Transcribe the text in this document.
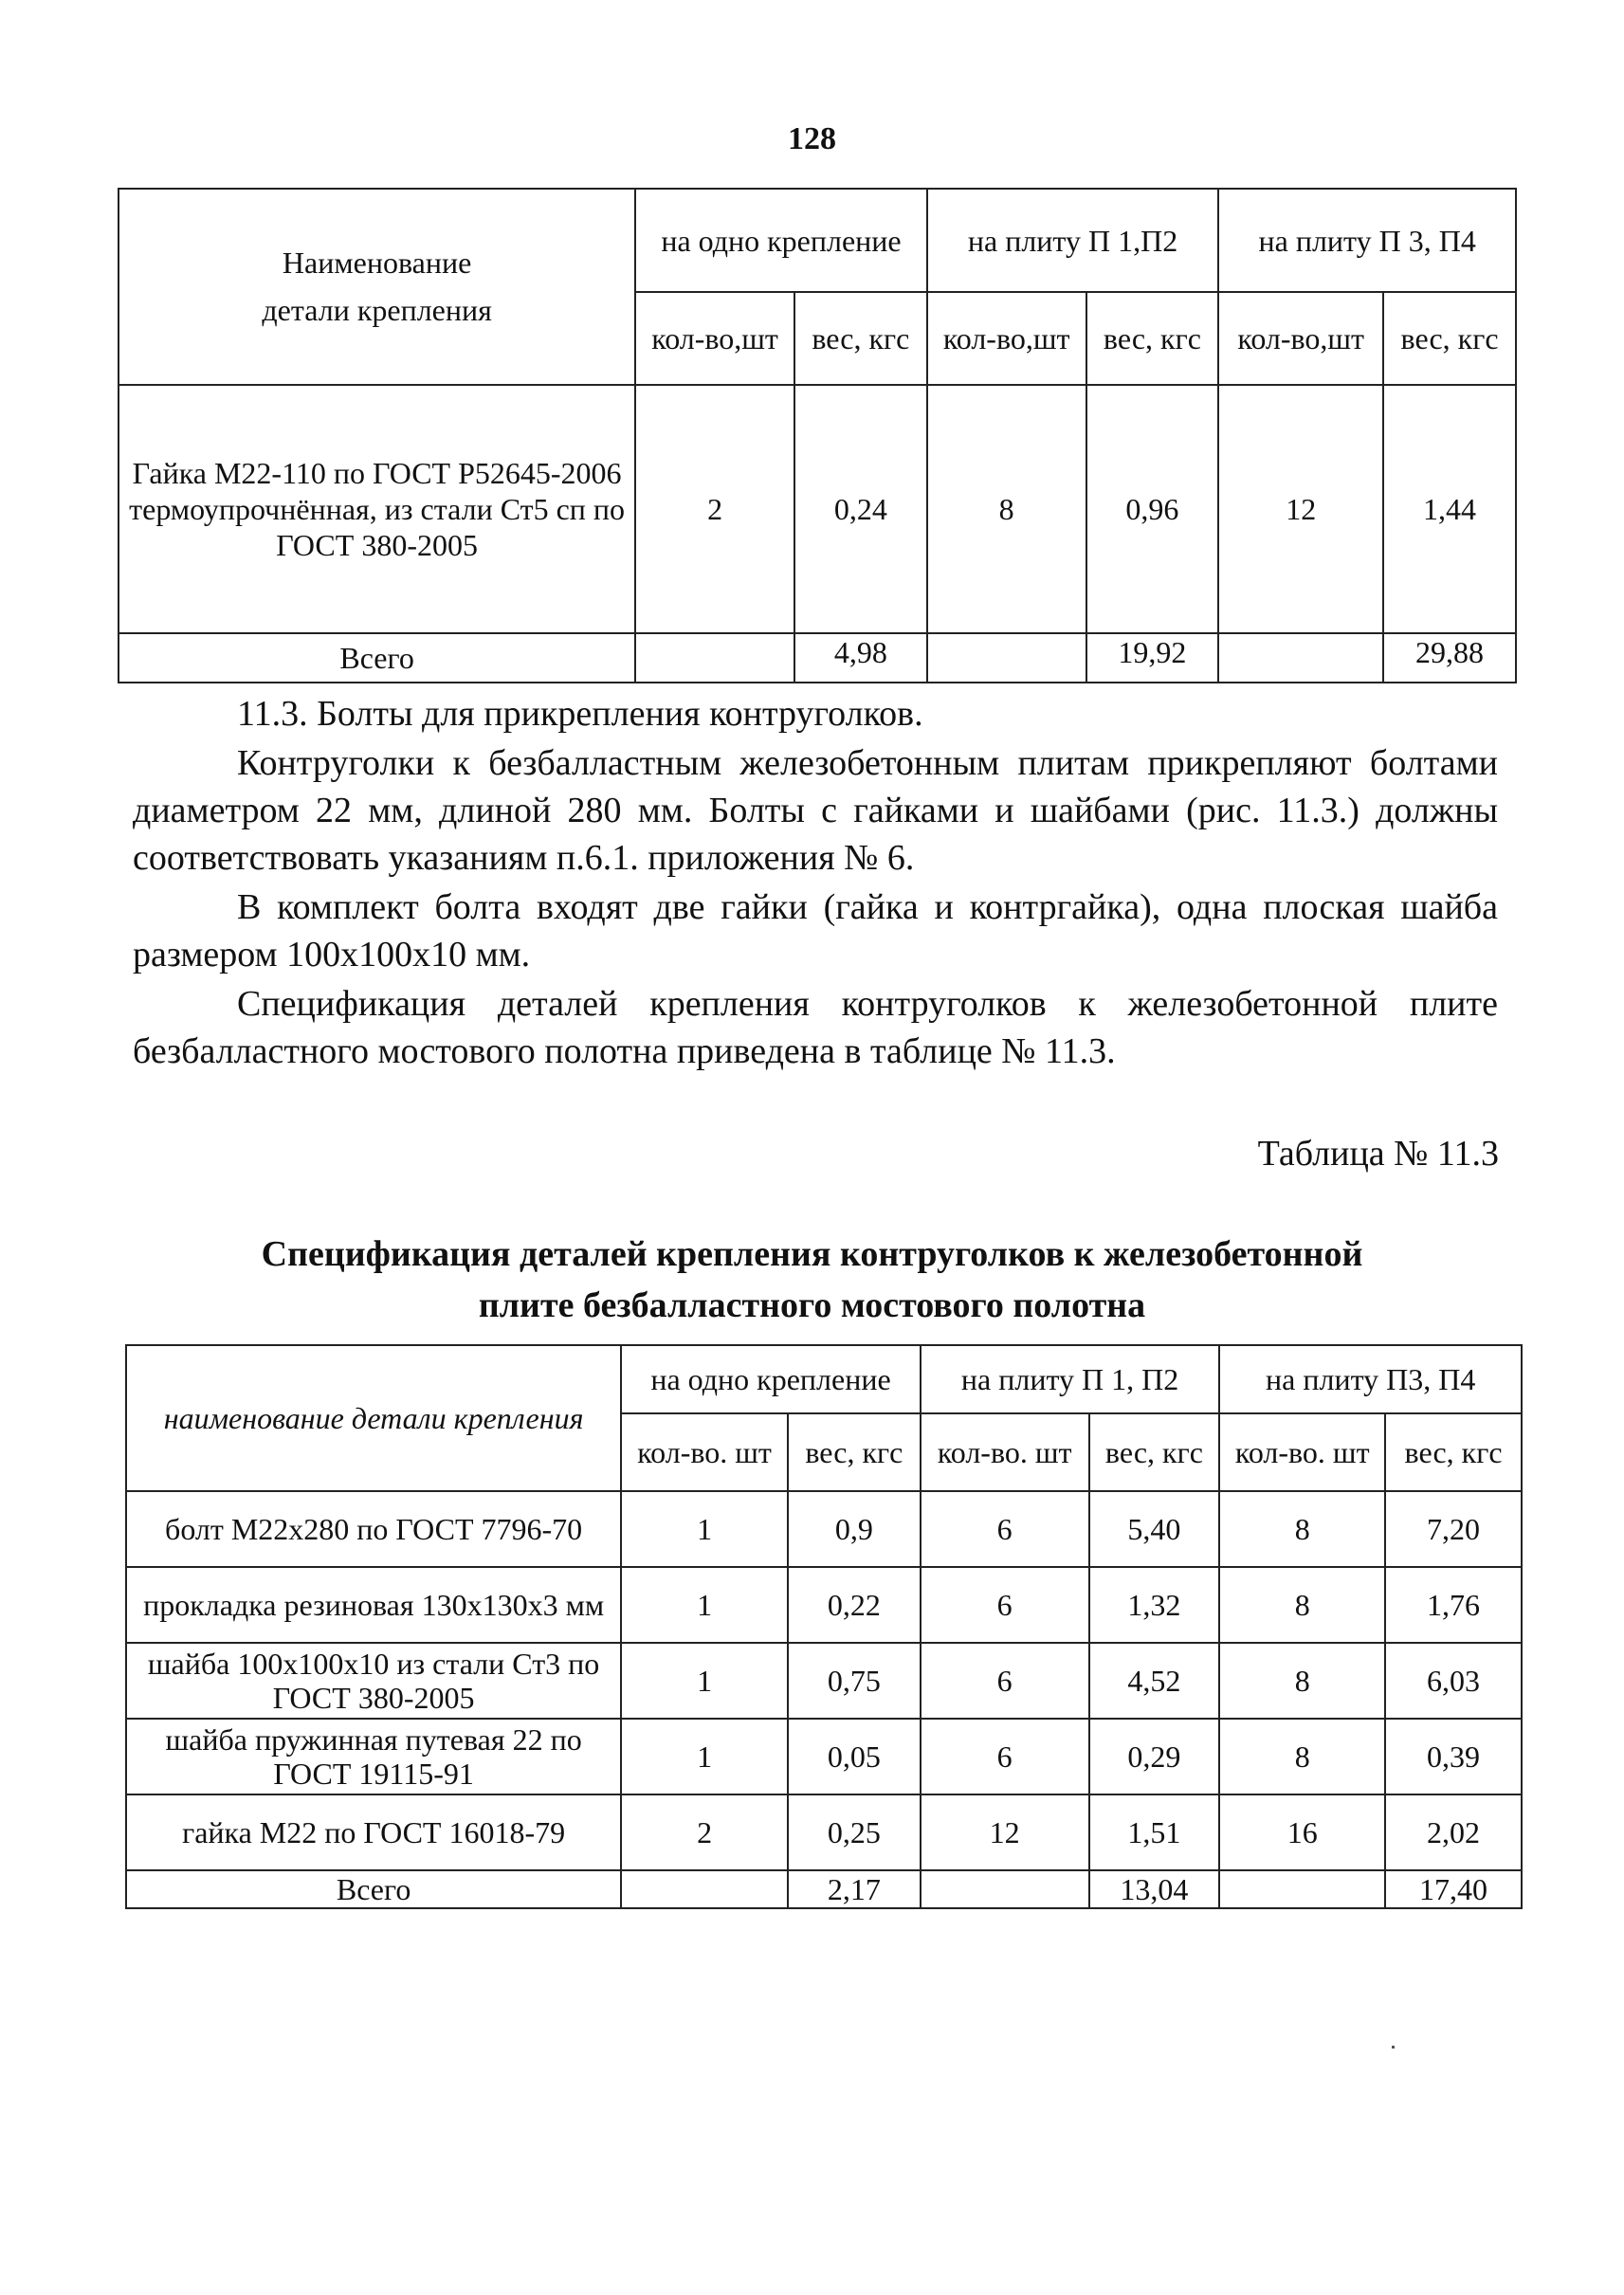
128
Наименование	на одно крепление		на плиту П 1,П2		на плиту П 3, П4	
детали крепления	кол-во,шт	вес, кгс	кол-во,шт	вес, кгс	кол-во,шт	вес, кгс
Гайка М22-110 по ГОСТ Р52645-2006 термоупрочнённая, из стали Ст5 сп по ГОСТ 380-2005	2	0,24	8	0,96	12	1,44
Всего		4,98		19,92		29,88
11.3. Болты для прикрепления контруголков.
Контруголки к безбалластным железобетонным плитам прикрепляют болтами диаметром 22 мм, длиной 280 мм. Болты с гайками и шайбами (рис. 11.3.) должны соответствовать указаниям п.6.1. приложения № 6.
В комплект болта входят две гайки (гайка и контргайка), одна плоская шайба размером 100х100х10 мм.
Спецификация деталей крепления контруголков к железобетонной плите безбалластного мостового полотна приведена в таблице № 11.3.
Таблица № 11.3
Спецификация деталей крепления контруголков к железобетонной
плите безбалластного мостового полотна
наименование детали крепления	на одно крепление		на плиту П 1, П2		на плиту П3, П4	
	кол-во. шт	вес, кгс	кол-во. шт	вес, кгс	кол-во. шт	вес, кгс
болт М22х280 по ГОСТ 7796-70	1	0,9	6	5,40	8	7,20
прокладка резиновая 130х130х3 мм	1	0,22	6	1,32	8	1,76
шайба 100х100х10 из стали Ст3 по ГОСТ 380-2005	1	0,75	6	4,52	8	6,03
шайба пружинная путевая 22 по ГОСТ 19115-91	1	0,05	6	0,29	8	0,39
гайка М22 по ГОСТ 16018-79	2	0,25	12	1,51	16	2,02
Всего		2,17		13,04		17,40
